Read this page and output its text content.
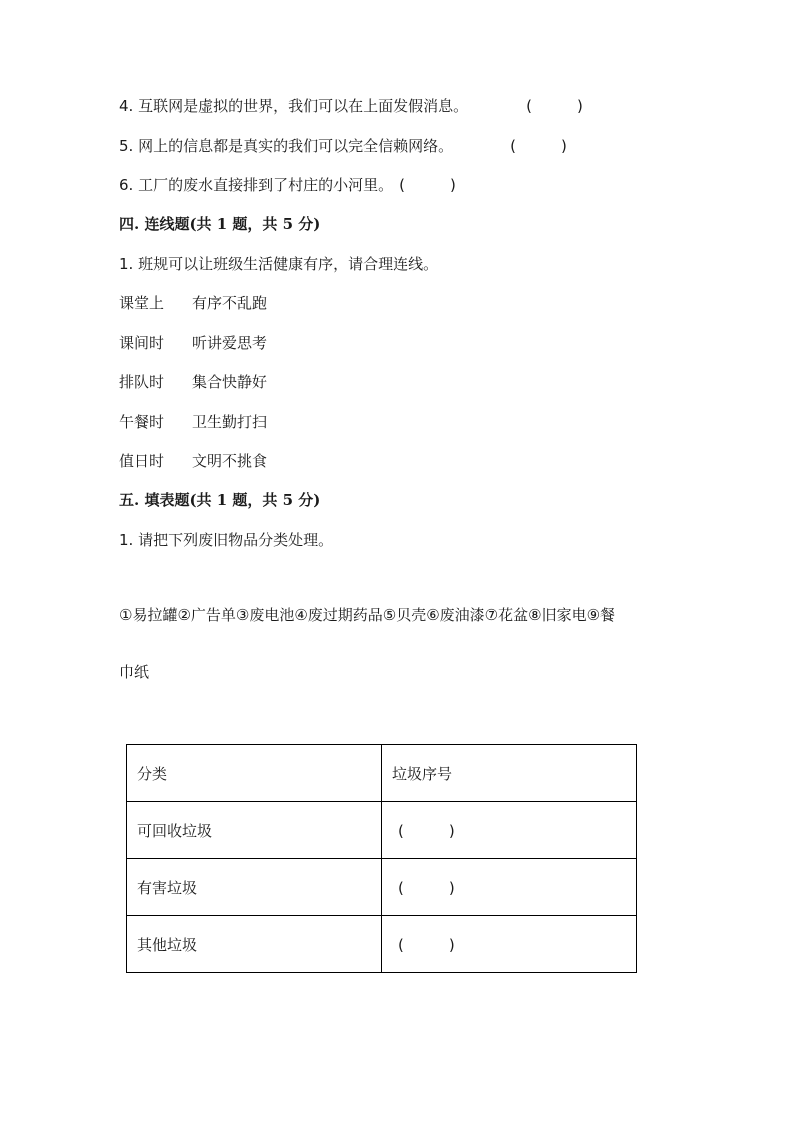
4. 互联网是虚拟的世界，我们可以在上面发假消息。	(　　　)
5. 网上的信息都是真实的我们可以完全信赖网络。	(　　　)
6. 工厂的废水直接排到了村庄的小河里。 (　　　)
四. 连线题(共 1 题，共 5 分)
1. 班规可以让班级生活健康有序，请合理连线。
课堂上 有序不乱跑
课间时 听讲爱思考
排队时 集合快静好
午餐时 卫生勤打扫
值日时 文明不挑食
五. 填表题(共 1 题，共 5 分)
1. 请把下列废旧物品分类处理。
①易拉罐②广告单③废电池④废过期药品⑤贝壳⑥废油漆⑦花盆⑧旧家电⑨餐
巾纸
分类	垃圾序号
可回收垃圾	(　　　)
有害垃圾	(　　　)
其他垃圾	(　　　)
